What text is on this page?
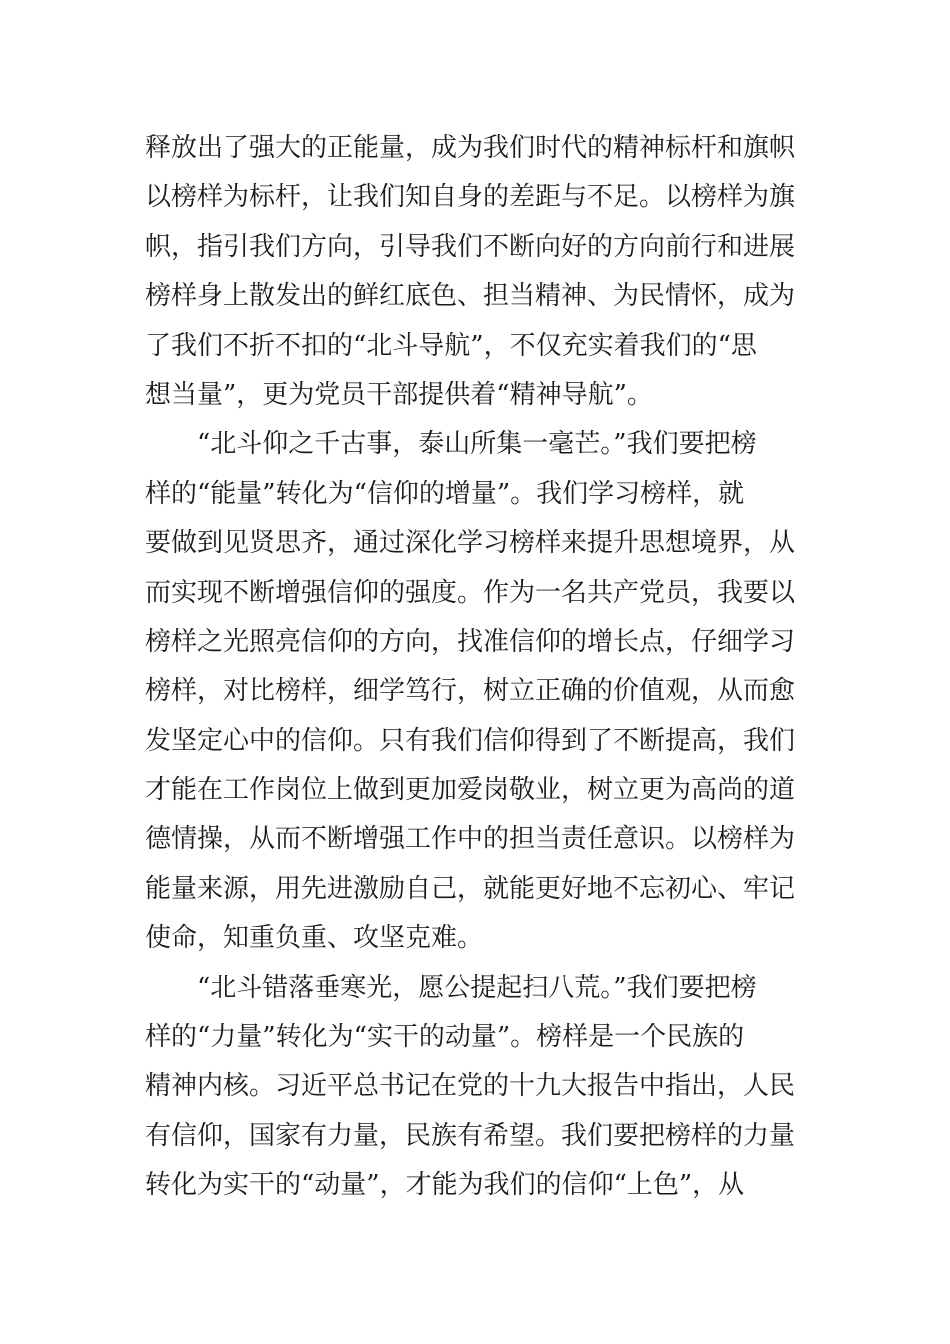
释放出了强大的正能量，成为我们时代的精神标杆和旗帜
以榜样为标杆，让我们知自身的差距与不足。以榜样为旗
帜，指引我们方向，引导我们不断向好的方向前行和进展
榜样身上散发出的鲜红底色、担当精神、为民情怀，成为
了我们不折不扣的“北斗导航”，不仅充实着我们的“思
想当量”，更为党员干部提供着“精神导航”。
“北斗仰之千古事，泰山所集一毫芒。”我们要把榜
样的“能量”转化为“信仰的增量”。我们学习榜样，就
要做到见贤思齐，通过深化学习榜样来提升思想境界，从
而实现不断增强信仰的强度。作为一名共产党员，我要以
榜样之光照亮信仰的方向，找准信仰的增长点，仔细学习
榜样，对比榜样，细学笃行，树立正确的价值观，从而愈
发坚定心中的信仰。只有我们信仰得到了不断提高，我们
才能在工作岗位上做到更加爱岗敬业，树立更为高尚的道
德情操，从而不断增强工作中的担当责任意识。以榜样为
能量来源，用先进激励自己，就能更好地不忘初心、牢记
使命，知重负重、攻坚克难。
“北斗错落垂寒光，愿公提起扫八荒。”我们要把榜
样的“力量”转化为“实干的动量”。榜样是一个民族的
精神内核。习近平总书记在党的十九大报告中指出，人民
有信仰，国家有力量，民族有希望。我们要把榜样的力量
转化为实干的“动量”，才能为我们的信仰“上色”，从
